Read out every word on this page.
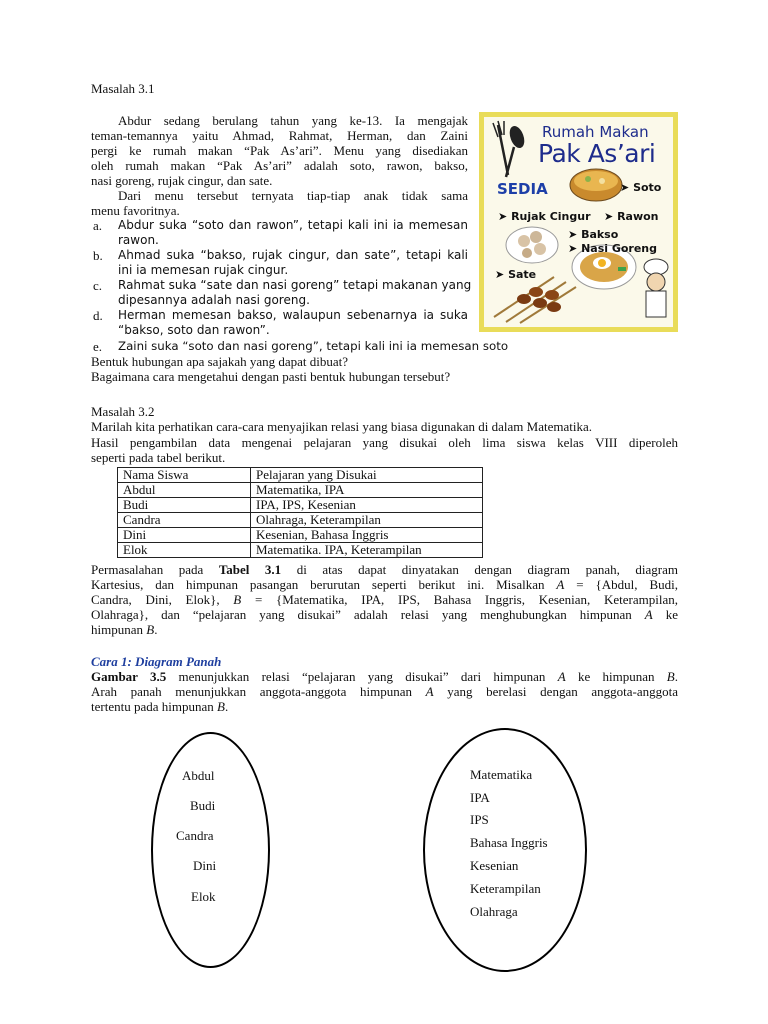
Masalah 3.1
Abdur sedang berulang tahun yang ke-13. Ia mengajak
teman-temannya yaitu Ahmad, Rahmat, Herman, dan Zaini
pergi ke rumah makan “Pak As’ari”. Menu yang disediakan
oleh rumah makan “Pak As’ari” adalah soto, rawon, bakso,
nasi goreng, rujak cingur, dan sate.
Dari menu tersebut ternyata tiap-tiap anak tidak sama
menu favoritnya.
a. Abdur suka “soto dan rawon”, tetapi kali ini ia memesan
rawon.
b. Ahmad suka “bakso, rujak cingur, dan sate”, tetapi kali
ini ia memesan rujak cingur.
c. Rahmat suka “sate dan nasi goreng” tetapi makanan yang
dipesannya adalah nasi goreng.
d. Herman memesan bakso, walaupun sebenarnya ia suka
“bakso, soto dan rawon”.
e. Zaini suka “soto dan nasi goreng”, tetapi kali ini ia memesan soto
Bentuk hubungan apa sajakah yang dapat dibuat?
Bagaimana cara mengetahui dengan pasti bentuk hubungan tersebut?
Rumah Makan
Pak As’ari
SEDIA	➤ Soto
➤ Rujak Cingur ➤ Rawon
➤ Bakso
➤ Nasi Goreng
➤ Sate
Masalah 3.2
Marilah kita perhatikan cara-cara menyajikan relasi yang biasa digunakan di dalam Matematika.
Hasil pengambilan data mengenai pelajaran yang disukai oleh lima siswa kelas VIII diperoleh
seperti pada tabel berikut.
Nama Siswa	Pelajaran yang Disukai
Abdul	Matematika, IPA
Budi	IPA, IPS, Kesenian
Candra	Olahraga, Keterampilan
Dini	Kesenian, Bahasa Inggris
Elok	Matematika. IPA, Keterampilan
Permasalahan pada Tabel 3.1 di atas dapat dinyatakan dengan diagram panah, diagram
Kartesius, dan himpunan pasangan berurutan seperti berikut ini. Misalkan A = {Abdul, Budi,
Candra, Dini, Elok}, B = {Matematika, IPA, IPS, Bahasa Inggris, Kesenian, Keterampilan,
Olahraga}, dan “pelajaran yang disukai” adalah relasi yang menghubungkan himpunan A ke
himpunan B.
Cara 1: Diagram Panah
Gambar 3.5 menunjukkan relasi “pelajaran yang disukai” dari himpunan A ke himpunan B.
Arah panah menunjukkan anggota-anggota himpunan A yang berelasi dengan anggota-anggota
tertentu pada himpunan B.
Abdul
Budi
Candra
Dini
Elok
Matematika
IPA
IPS
Bahasa Inggris
Kesenian
Keterampilan
Olahraga
